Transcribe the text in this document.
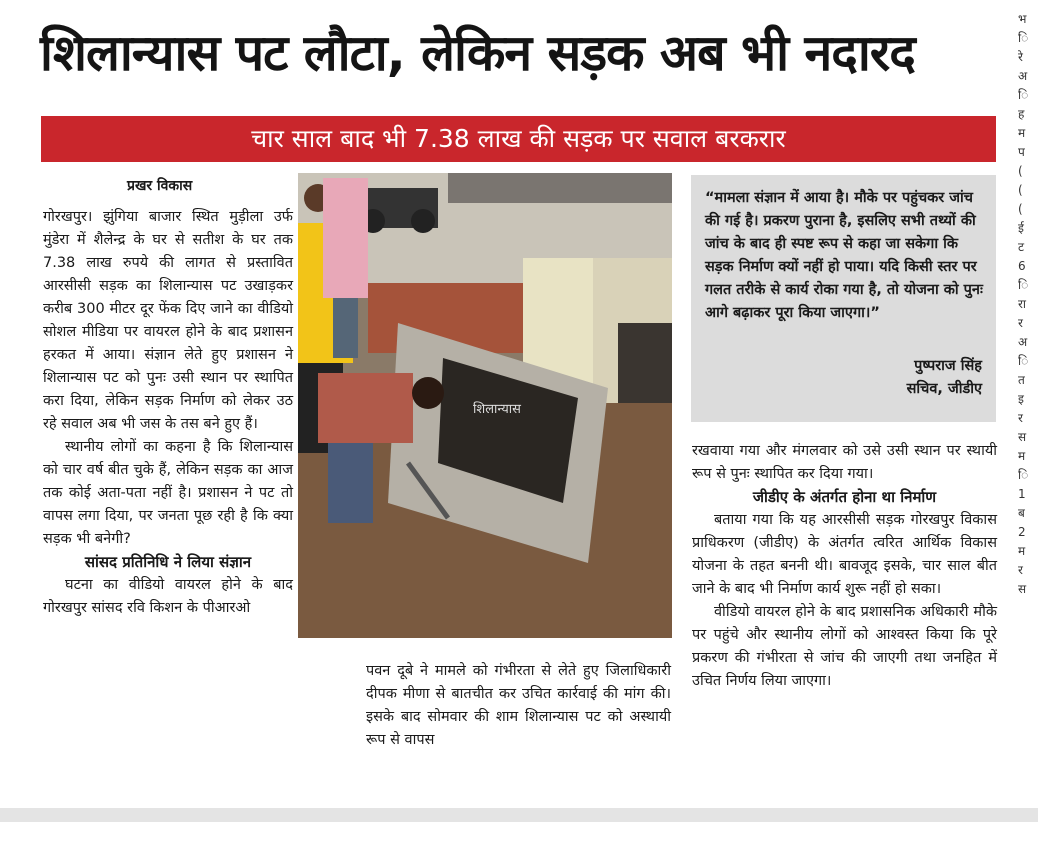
शिलान्यास पट लौटा, लेकिन सड़क अब भी नदारद
चार साल बाद भी 7.38 लाख की सड़क पर सवाल बरकरार
प्रखर विकास

गोरखपुर। झुंगिया बाजार स्थित मुड़ीला उर्फ मुंडेरा में शैलेन्द्र के घर से सतीश के घर तक 7.38 लाख रुपये की लागत से प्रस्तावित आरसीसी सड़क का शिलान्यास पट उखाड़कर करीब 300 मीटर दूर फेंक दिए जाने का वीडियो सोशल मीडिया पर वायरल होने के बाद प्रशासन हरकत में आया। संज्ञान लेते हुए प्रशासन ने शिलान्यास पट को पुनः उसी स्थान पर स्थापित करा दिया, लेकिन सड़क निर्माण को लेकर उठ रहे सवाल अब भी जस के तस बने हुए हैं।

स्थानीय लोगों का कहना है कि शिलान्यास को चार वर्ष बीत चुके हैं, लेकिन सड़क का आज तक कोई अता-पता नहीं है। प्रशासन ने पट तो वापस लगा दिया, पर जनता पूछ रही है कि क्या सड़क भी बनेगी?

सांसद प्रतिनिधि ने लिया संज्ञान

घटना का वीडियो वायरल होने के बाद गोरखपुर सांसद रवि किशन के पीआरओ

शिलान्यास

पवन दूबे ने मामले को गंभीरता से लेते हुए जिलाधिकारी दीपक मीणा से बातचीत कर उचित कार्रवाई की मांग की। इसके बाद सोमवार की शाम शिलान्यास पट को अस्थायी रूप से वापस

“मामला संज्ञान में आया है। मौके पर पहुंचकर जांच की गई है। प्रकरण पुराना है, इसलिए सभी तथ्यों की जांच के बाद ही स्पष्ट रूप से कहा जा सकेगा कि सड़क निर्माण क्यों नहीं हो पाया। यदि किसी स्तर पर गलत तरीके से कार्य रोका गया है, तो योजना को पुनः आगे बढ़ाकर पूरा किया जाएगा।”
पुष्पराज सिंह
सचिव, जीडीए

रखवाया गया और मंगलवार को उसे उसी स्थान पर स्थायी रूप से पुनः स्थापित कर दिया गया।

जीडीए के अंतर्गत होना था निर्माण

बताया गया कि यह आरसीसी सड़क गोरखपुर विकास प्राधिकरण (जीडीए) के अंतर्गत त्वरित आर्थिक विकास योजना के तहत बननी थी। बावजूद इसके, चार साल बीत जाने के बाद भी निर्माण कार्य शुरू नहीं हो सका।

वीडियो वायरल होने के बाद प्रशासनिक अधिकारी मौके पर पहुंचे और स्थानीय लोगों को आश्वस्त किया कि पूरे प्रकरण की गंभीरता से जांच की जाएगी तथा जनहित में उचित निर्णय लिया जाएगा।

भ
ि
रे
अ
ि
ह
म
प
(
(
(
ई
ट
6
ि
रा
र
अ
ि
त
इ
र
स
म
ि
1
ब
2
म
र
स
